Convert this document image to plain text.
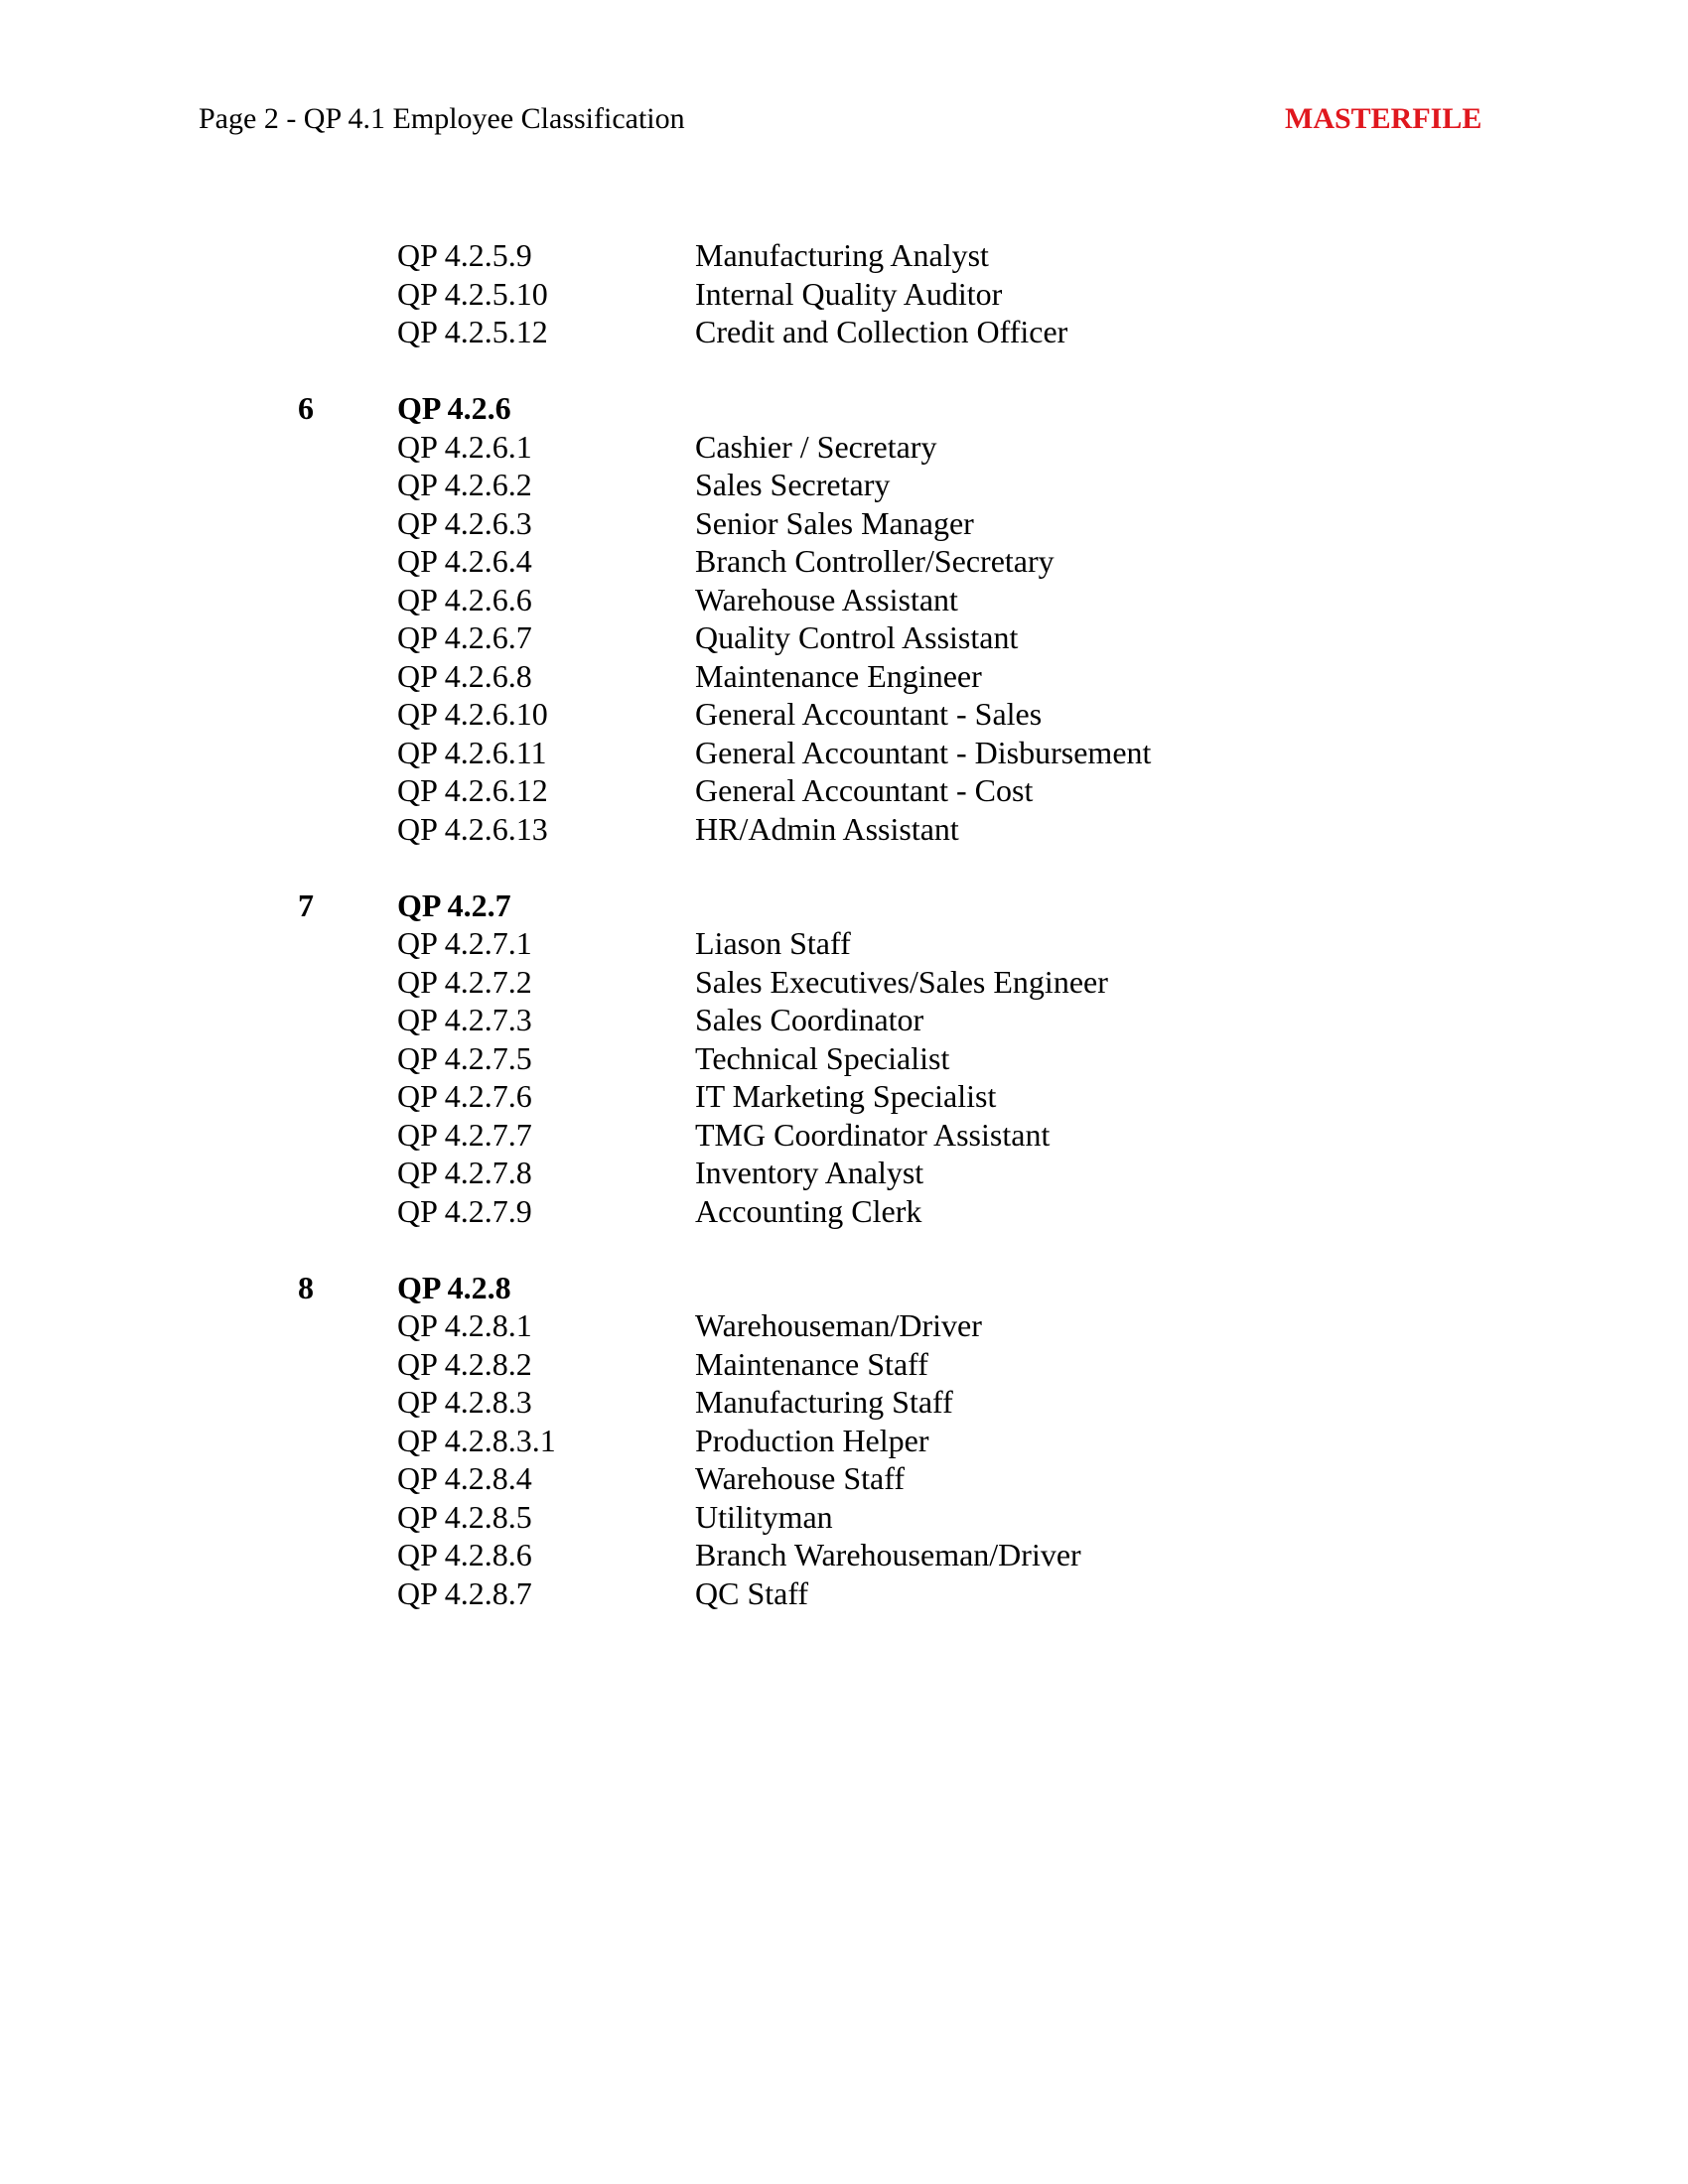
Page 2 - QP 4.1 Employee Classification	MASTERFILE
QP 4.2.5.9	Manufacturing Analyst
QP 4.2.5.10	Internal Quality Auditor
QP 4.2.5.12	Credit and Collection Officer
6	QP 4.2.6
QP 4.2.6.1	Cashier / Secretary
QP 4.2.6.2	Sales Secretary
QP 4.2.6.3	Senior Sales Manager
QP 4.2.6.4	Branch Controller/Secretary
QP 4.2.6.6	Warehouse Assistant
QP 4.2.6.7	Quality Control Assistant
QP 4.2.6.8	Maintenance Engineer
QP 4.2.6.10	General Accountant - Sales
QP 4.2.6.11	General Accountant - Disbursement
QP 4.2.6.12	General Accountant - Cost
QP 4.2.6.13	HR/Admin Assistant
7	QP 4.2.7
QP 4.2.7.1	Liason Staff
QP 4.2.7.2	Sales Executives/Sales Engineer
QP 4.2.7.3	Sales Coordinator
QP 4.2.7.5	Technical Specialist
QP 4.2.7.6	IT Marketing Specialist
QP 4.2.7.7	TMG Coordinator Assistant
QP 4.2.7.8	Inventory Analyst
QP 4.2.7.9	Accounting Clerk
8	QP 4.2.8
QP 4.2.8.1	Warehouseman/Driver
QP 4.2.8.2	Maintenance Staff
QP 4.2.8.3	Manufacturing Staff
QP 4.2.8.3.1	Production Helper
QP 4.2.8.4	Warehouse Staff
QP 4.2.8.5	Utilityman
QP 4.2.8.6	Branch Warehouseman/Driver
QP 4.2.8.7	QC Staff
